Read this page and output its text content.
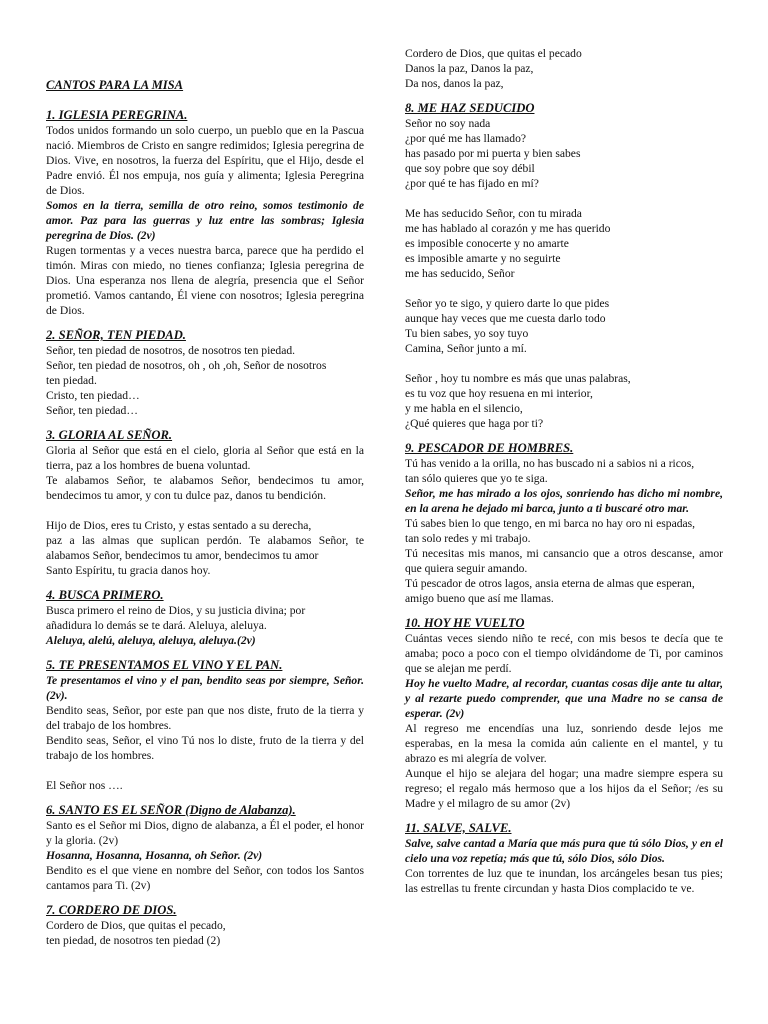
CANTOS PARA LA MISA
1. IGLESIA PEREGRINA.
Todos unidos formando un solo cuerpo, un pueblo que en la Pascua nació. Miembros de Cristo en sangre redimidos; Iglesia peregrina de Dios. Vive, en nosotros, la fuerza del Espíritu, que el Hijo, desde el Padre envió. Él nos empuja, nos guía y alimenta; Iglesia Peregrina de Dios.
Somos en la tierra, semilla de otro reino, somos testimonio de amor. Paz para las guerras y luz entre las sombras; Iglesia peregrina de Dios. (2v)
Rugen tormentas y a veces nuestra barca, parece que ha perdido el timón. Miras con miedo, no tienes confianza; Iglesia peregrina de Dios. Una esperanza nos llena de alegría, presencia que el Señor prometió. Vamos cantando, Él viene con nosotros; Iglesia peregrina de Dios.
2. SEÑOR, TEN PIEDAD.
Señor, ten piedad de nosotros, de nosotros ten piedad.
Señor, ten piedad de nosotros, oh , oh ,oh, Señor de nosotros
ten piedad.
Cristo, ten piedad…
Señor, ten piedad…
3. GLORIA AL SEÑOR.
Gloria al Señor que está en el cielo, gloria al Señor que está en la tierra, paz a los hombres de buena voluntad.
Te alabamos Señor, te alabamos Señor, bendecimos tu amor, bendecimos tu amor, y con tu dulce paz, danos tu bendición.
Hijo de Dios, eres tu Cristo, y estas sentado a su derecha,
paz a las almas que suplican perdón. Te alabamos Señor, te alabamos Señor, bendecimos tu amor, bendecimos tu amor
Santo Espíritu, tu gracia danos hoy.
4. BUSCA PRIMERO.
Busca primero el reino de Dios, y su justicia divina; por
añadidura lo demás se te dará. Aleluya, aleluya.
Aleluya, alelú, aleluya, aleluya, aleluya.(2v)
5. TE PRESENTAMOS EL VINO Y EL PAN.
Te presentamos el vino y el pan, bendito seas por siempre, Señor. (2v).
Bendito seas, Señor, por este pan que nos diste, fruto de la tierra y del trabajo de los hombres.
Bendito seas, Señor, el vino Tú nos lo diste, fruto de la tierra y del trabajo de los hombres.
El Señor nos ….
6. SANTO ES EL SEÑOR (Digno de Alabanza).
Santo es el Señor mi Dios, digno de alabanza, a Él el poder, el honor y la gloria. (2v)
Hosanna, Hosanna, Hosanna, oh Señor. (2v)
Bendito es el que viene en nombre del Señor, con todos los Santos cantamos para Ti. (2v)
7. CORDERO DE DIOS.
Cordero de Dios, que quitas el pecado,
ten piedad, de nosotros ten piedad (2)
Cordero de Dios, que quitas el pecado
Danos la paz, Danos la paz,
Da nos, danos la paz,
8. ME HAZ SEDUCIDO
Señor no soy nada
¿por qué me has llamado?
has pasado por mi puerta y bien sabes
que soy pobre que soy débil
¿por qué te has fijado en mí?
Me has seducido Señor, con tu mirada
me has hablado al corazón y me has querido
es imposible conocerte y no amarte
es imposible amarte y no seguirte
me has seducido, Señor
Señor yo te sigo, y quiero darte lo que pides
aunque hay veces que me cuesta darlo todo
Tu bien sabes, yo soy tuyo
Camina, Señor junto a mí.
Señor , hoy tu nombre es más que unas palabras,
es tu voz que hoy resuena en mi interior,
y me habla en el silencio,
¿Qué quieres que haga por ti?
9. PESCADOR DE HOMBRES.
Tú has venido a la orilla, no has buscado ni a sabios ni a ricos,
tan sólo quieres que yo te siga.
Señor, me has mirado a los ojos, sonriendo has dicho mi nombre, en la arena he dejado mi barca, junto a ti buscaré otro mar.
Tú sabes bien lo que tengo, en mi barca no hay oro ni espadas,
tan solo redes y mi trabajo.
Tú necesitas mis manos, mi cansancio que a otros descanse, amor que quiera seguir amando.
Tú pescador de otros lagos, ansia eterna de almas que esperan,
amigo bueno que así me llamas.
10. HOY HE VUELTO
Cuántas veces siendo niño te recé, con mis besos te decía que te amaba; poco a poco con el tiempo olvidándome de Ti, por caminos que se alejan me perdí.
Hoy he vuelto Madre, al recordar, cuantas cosas dije ante tu altar, y al rezarte puedo comprender, que una Madre no se cansa de esperar. (2v)
Al regreso me encendías una luz, sonriendo desde lejos me esperabas, en la mesa la comida aún caliente en el mantel, y tu abrazo es mi alegría de volver.
Aunque el hijo se alejara del hogar; una madre siempre espera su regreso; el regalo más hermoso que a los hijos da el Señor; /es su Madre y el milagro de su amor (2v)
11. SALVE, SALVE.
Salve, salve cantad a María que más pura que tú sólo Dios, y en el cielo una voz repetía; más que tú, sólo Dios, sólo Dios.
Con torrentes de luz que te inundan, los arcángeles besan tus pies; las estrellas tu frente circundan y hasta Dios complacido te ve.
